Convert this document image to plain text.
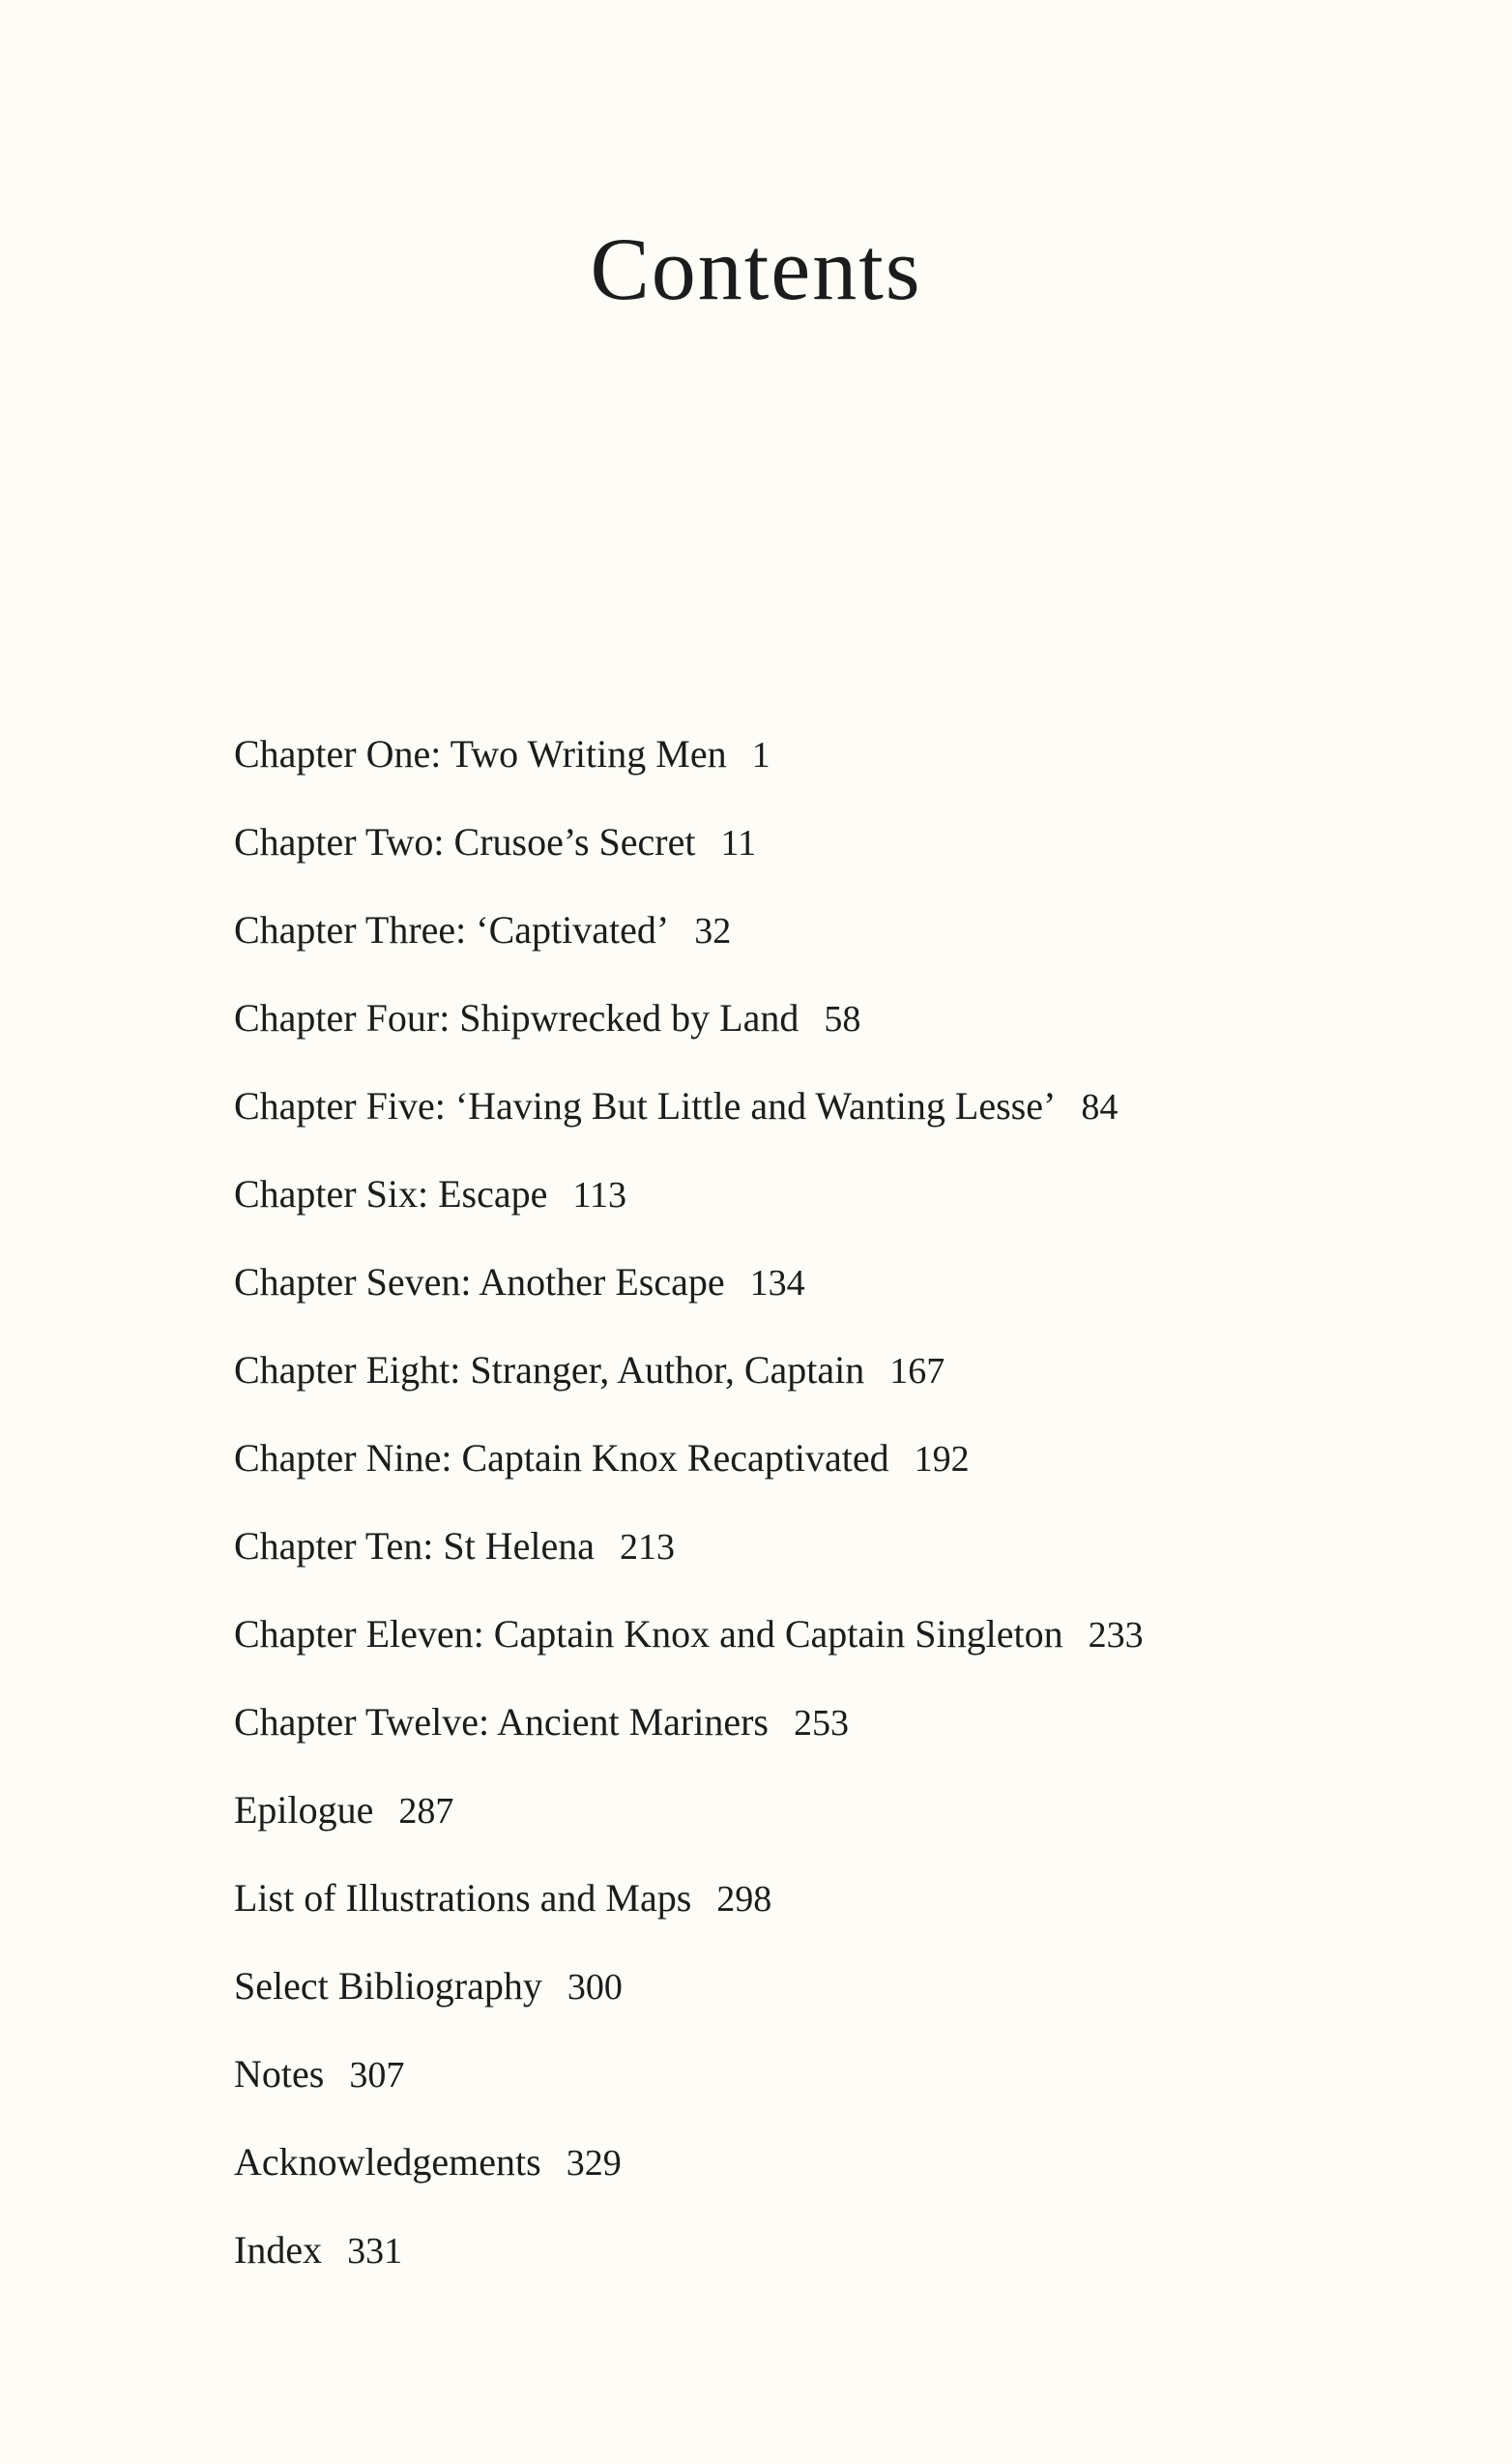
Contents
Chapter One: Two Writing Men 1
Chapter Two: Crusoe’s Secret 11
Chapter Three: ‘Captivated’ 32
Chapter Four: Shipwrecked by Land 58
Chapter Five: ‘Having But Little and Wanting Lesse’ 84
Chapter Six: Escape 113
Chapter Seven: Another Escape 134
Chapter Eight: Stranger, Author, Captain 167
Chapter Nine: Captain Knox Recaptivated 192
Chapter Ten: St Helena 213
Chapter Eleven: Captain Knox and Captain Singleton 233
Chapter Twelve: Ancient Mariners 253
Epilogue 287
List of Illustrations and Maps 298
Select Bibliography 300
Notes 307
Acknowledgements 329
Index 331
